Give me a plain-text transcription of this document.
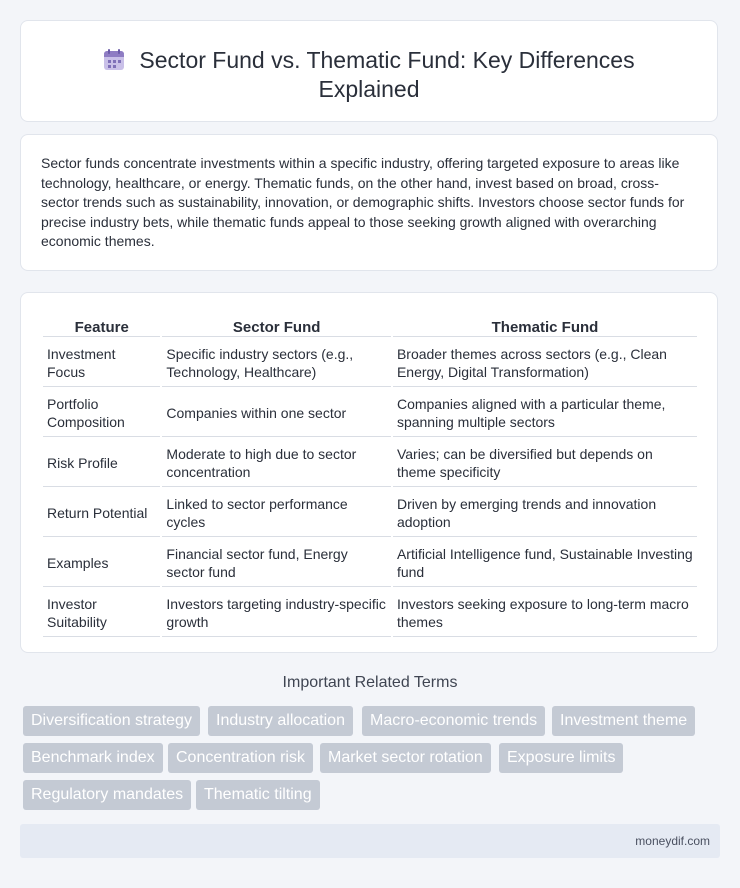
Sector Fund vs. Thematic Fund: Key Differences
Explained

Sector funds concentrate investments within a specific industry, offering targeted exposure to areas like technology, healthcare, or energy. Thematic funds, on the other hand, invest based on broad, cross-sector trends such as sustainability, innovation, or demographic shifts. Investors choose sector funds for precise industry bets, while thematic funds appeal to those seeking growth aligned with overarching economic themes.

Feature	Sector Fund	Thematic Fund
Investment Focus	Specific industry sectors (e.g., Technology, Healthcare)	Broader themes across sectors (e.g., Clean Energy, Digital Transformation)
Portfolio Composition	Companies within one sector	Companies aligned with a particular theme, spanning multiple sectors
Risk Profile	Moderate to high due to sector concentration	Varies; can be diversified but depends on theme specificity
Return Potential	Linked to sector performance cycles	Driven by emerging trends and innovation adoption
Examples	Financial sector fund, Energy sector fund	Artificial Intelligence fund, Sustainable Investing fund
Investor Suitability	Investors targeting industry-specific growth	Investors seeking exposure to long-term macro themes
Important Related Terms
Diversification strategy	Industry allocation	Macro-economic trends	Investment theme
Benchmark index	Concentration risk	Market sector rotation	Exposure limits
Regulatory mandates	Thematic tilting
moneydif.com
